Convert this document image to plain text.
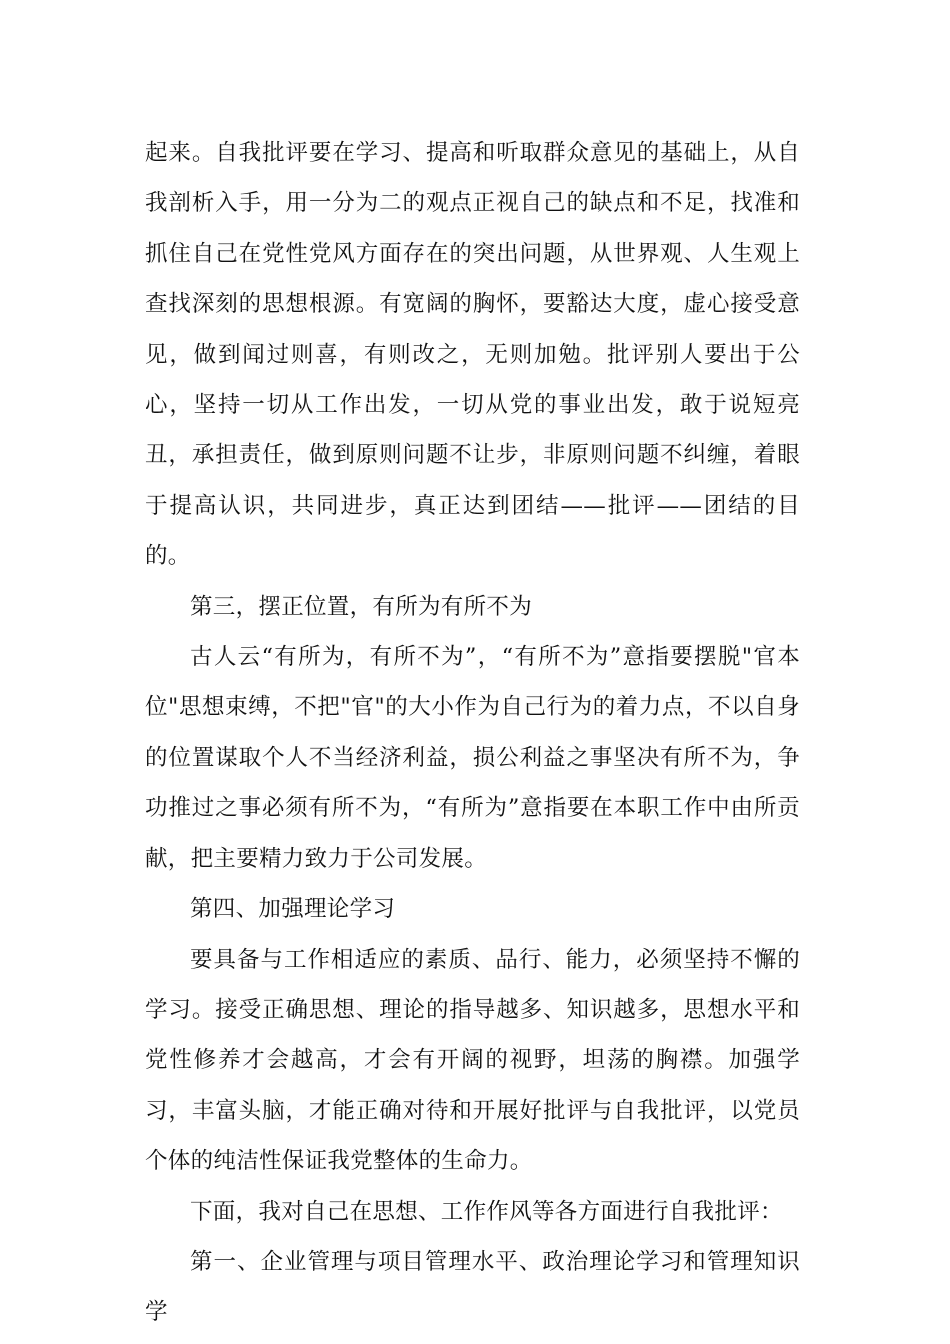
起来。自我批评要在学习、提高和听取群众意见的基础上，从自我剖析入手，用一分为二的观点正视自己的缺点和不足，找准和抓住自己在党性党风方面存在的突出问题，从世界观、人生观上查找深刻的思想根源。有宽阔的胸怀，要豁达大度，虚心接受意见，做到闻过则喜，有则改之，无则加勉。批评别人要出于公心，坚持一切从工作出发，一切从党的事业出发，敢于说短亮丑，承担责任，做到原则问题不让步，非原则问题不纠缠，着眼于提高认识，共同进步，真正达到团结——批评——团结的目的。

第三，摆正位置，有所为有所不为

古人云“有所为，有所不为”，“有所不为”意指要摆脱"官本位"思想束缚，不把"官"的大小作为自己行为的着力点，不以自身的位置谋取个人不当经济利益，损公利益之事坚决有所不为，争功推过之事必须有所不为，“有所为”意指要在本职工作中由所贡献，把主要精力致力于公司发展。

第四、加强理论学习

要具备与工作相适应的素质、品行、能力，必须坚持不懈的学习。接受正确思想、理论的指导越多、知识越多，思想水平和党性修养才会越高，才会有开阔的视野，坦荡的胸襟。加强学习，丰富头脑，才能正确对待和开展好批评与自我批评，以党员个体的纯洁性保证我党整体的生命力。

下面，我对自己在思想、工作作风等各方面进行自我批评：

第一、企业管理与项目管理水平、政治理论学习和管理知识学
